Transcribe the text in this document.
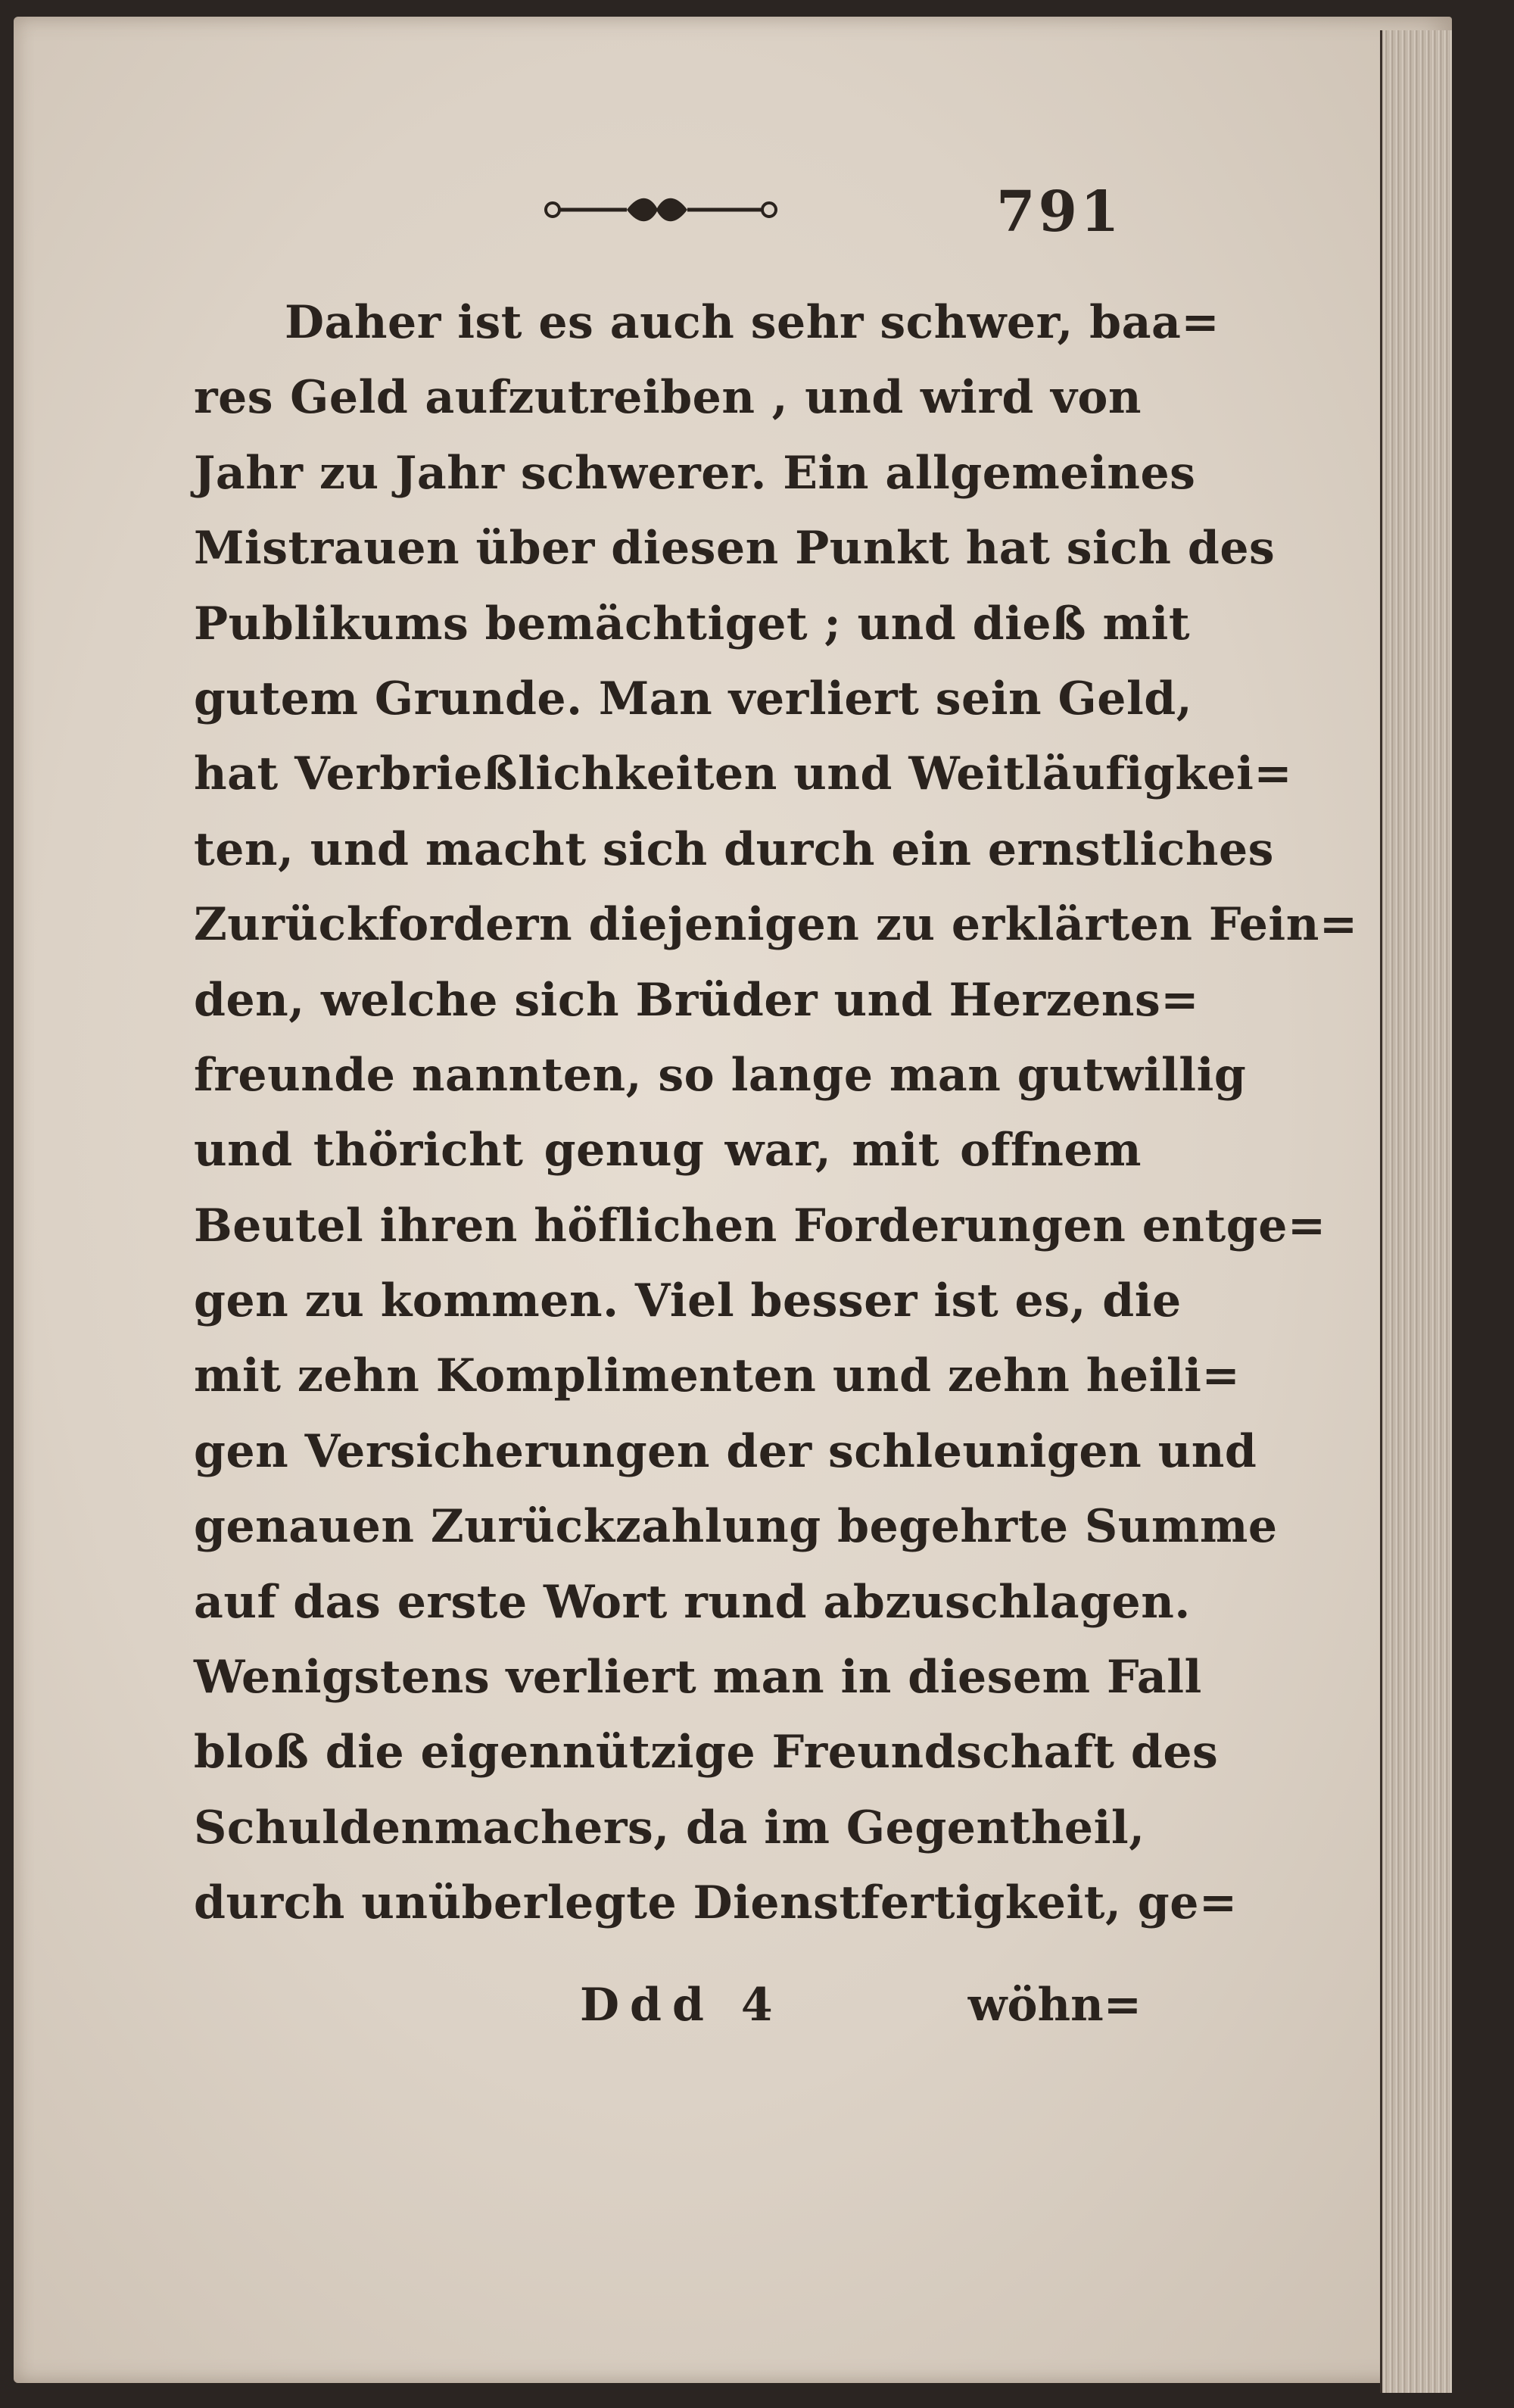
791
Daher ist es auch sehr schwer, baa=
res Geld aufzutreiben , und wird von
Jahr zu Jahr schwerer. Ein allgemeines
Mistrauen über diesen Punkt hat sich des
Publikums bemächtiget ; und dieß mit
gutem Grunde. Man verliert sein Geld,
hat Verbrießlichkeiten und Weitläufigkei=
ten, und macht sich durch ein ernstliches
Zurückfordern diejenigen zu erklärten Fein=
den, welche sich Brüder und Herzens=
freunde nannten, so lange man gutwillig
und thöricht genug war, mit offnem
Beutel ihren höflichen Forderungen entge=
gen zu kommen. Viel besser ist es, die
mit zehn Komplimenten und zehn heili=
gen Versicherungen der schleunigen und
genauen Zurückzahlung begehrte Summe
auf das erste Wort rund abzuschlagen.
Wenigstens verliert man in diesem Fall
bloß die eigennützige Freundschaft des
Schuldenmachers, da im Gegentheil,
durch unüberlegte Dienstfertigkeit, ge=
Ddd 4	wöhn=
